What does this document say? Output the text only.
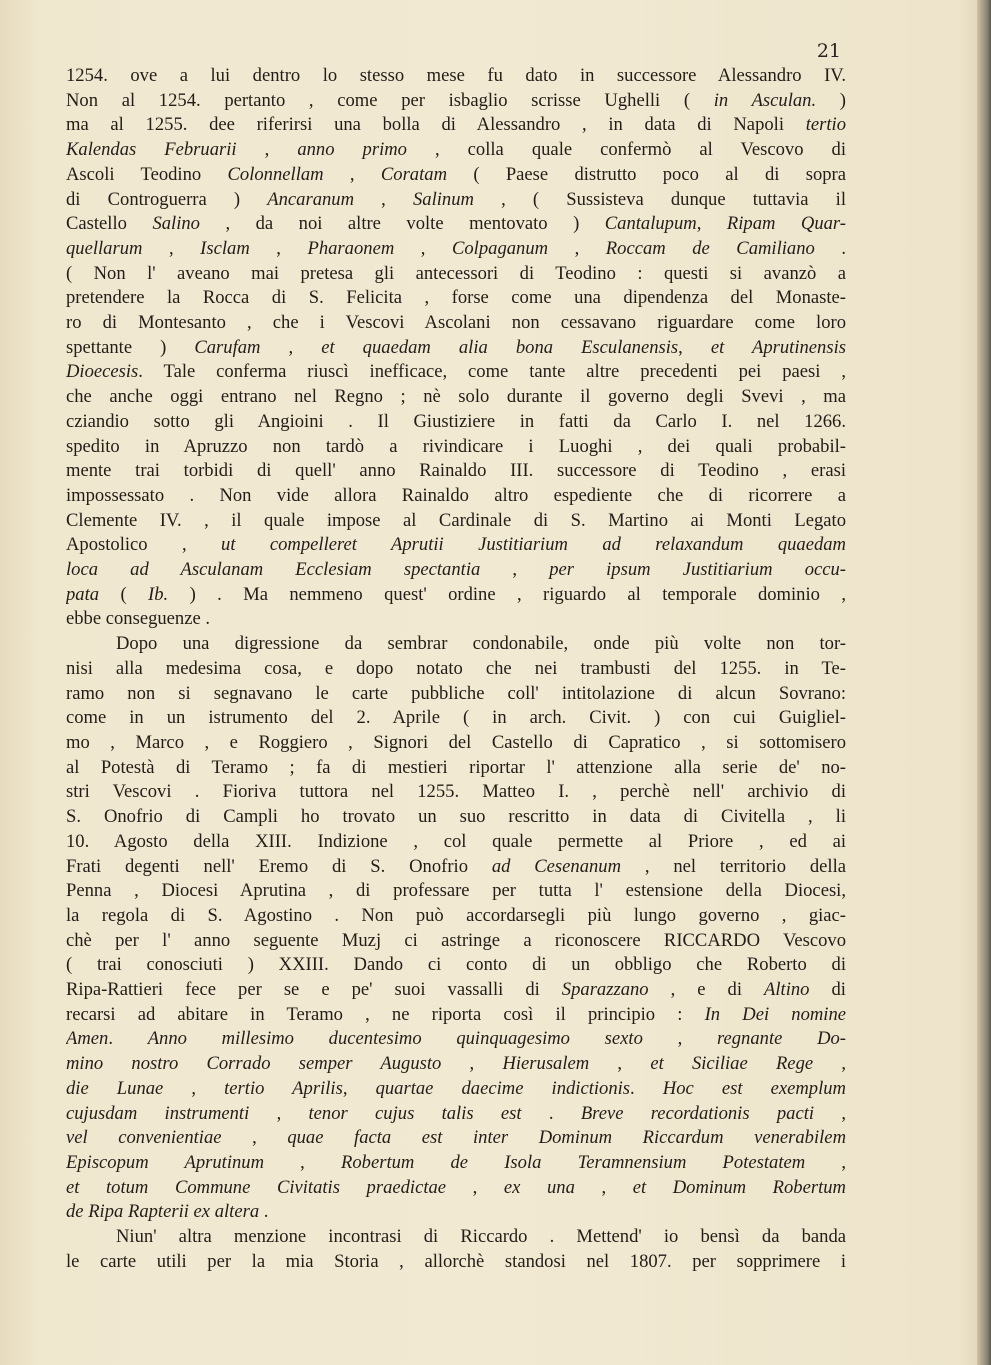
21
1254. ove a lui dentro lo stesso mese fu dato in successore Alessandro IV.
Non al 1254. pertanto , come per isbaglio scrisse Ughelli ( in Asculan. )
ma al 1255. dee riferirsi una bolla di Alessandro , in data di Napoli tertio
Kalendas Februarii , anno primo , colla quale confermò al Vescovo di
Ascoli Teodino Colonnellam , Coratam ( Paese distrutto poco al di sopra
di Controguerra ) Ancaranum , Salinum , ( Sussisteva dunque tuttavia il
Castello Salino , da noi altre volte mentovato ) Cantalupum, Ripam Quar-
quellarum , Isclam , Pharaonem , Colpaganum , Roccam de Camiliano .
( Non l' aveano mai pretesa gli antecessori di Teodino : questi si avanzò a
pretendere la Rocca di S. Felicita , forse come una dipendenza del Monaste-
ro di Montesanto , che i Vescovi Ascolani non cessavano riguardare come loro
spettante ) Carufam , et quaedam alia bona Esculanensis, et Aprutinensis
Dioecesis. Tale conferma riuscì inefficace, come tante altre precedenti pei paesi ,
che anche oggi entrano nel Regno ; nè solo durante il governo degli Svevi , ma
cziandio sotto gli Angioini . Il Giustiziere in fatti da Carlo I. nel 1266.
spedito in Apruzzo non tardò a rivindicare i Luoghi , dei quali probabil-
mente trai torbidi di quell' anno Rainaldo III. successore di Teodino , erasi
impossessato . Non vide allora Rainaldo altro espediente che di ricorrere a
Clemente IV. , il quale impose al Cardinale di S. Martino ai Monti Legato
Apostolico , ut compelleret Aprutii Justitiarium ad relaxandum quaedam
loca ad Asculanam Ecclesiam spectantia , per ipsum Justitiarium occu-
pata ( Ib. ) . Ma nemmeno quest' ordine , riguardo al temporale dominio ,
ebbe conseguenze .
Dopo una digressione da sembrar condonabile, onde più volte non tor-
nisi alla medesima cosa, e dopo notato che nei trambusti del 1255. in Te-
ramo non si segnavano le carte pubbliche coll' intitolazione di alcun Sovrano:
come in un istrumento del 2. Aprile ( in arch. Civit. ) con cui Guigliel-
mo , Marco , e Roggiero , Signori del Castello di Capratico , si sottomisero
al Potestà di Teramo ; fa di mestieri riportar l' attenzione alla serie de' no-
stri Vescovi . Fioriva tuttora nel 1255. Matteo I. , perchè nell' archivio di
S. Onofrio di Campli ho trovato un suo rescritto in data di Civitella , li
10. Agosto della XIII. Indizione , col quale permette al Priore , ed ai
Frati degenti nell' Eremo di S. Onofrio ad Cesenanum , nel territorio della
Penna , Diocesi Aprutina , di professare per tutta l' estensione della Diocesi,
la regola di S. Agostino . Non può accordarsegli più lungo governo , giac-
chè per l' anno seguente Muzj ci astringe a riconoscere RICCARDO Vescovo
( trai conosciuti ) XXIII. Dando ci conto di un obbligo che Roberto di
Ripa-Rattieri fece per se e pe' suoi vassalli di Sparazzano , e di Altino di
recarsi ad abitare in Teramo , ne riporta così il principio : In Dei nomine
Amen. Anno millesimo ducentesimo quinquagesimo sexto , regnante Do-
mino nostro Corrado semper Augusto , Hierusalem , et Siciliae Rege ,
die Lunae , tertio Aprilis, quartae daecime indictionis. Hoc est exemplum
cujusdam instrumenti , tenor cujus talis est . Breve recordationis pacti ,
vel convenientiae , quae facta est inter Dominum Riccardum venerabilem
Episcopum Aprutinum , Robertum de Isola Teramnensium Potestatem ,
et totum Commune Civitatis praedictae , ex una , et Dominum Robertum
de Ripa Rapterii ex altera .
Niun' altra menzione incontrasi di Riccardo . Mettend' io bensì da banda
le carte utili per la mia Storia , allorchè standosi nel 1807. per sopprimere i
